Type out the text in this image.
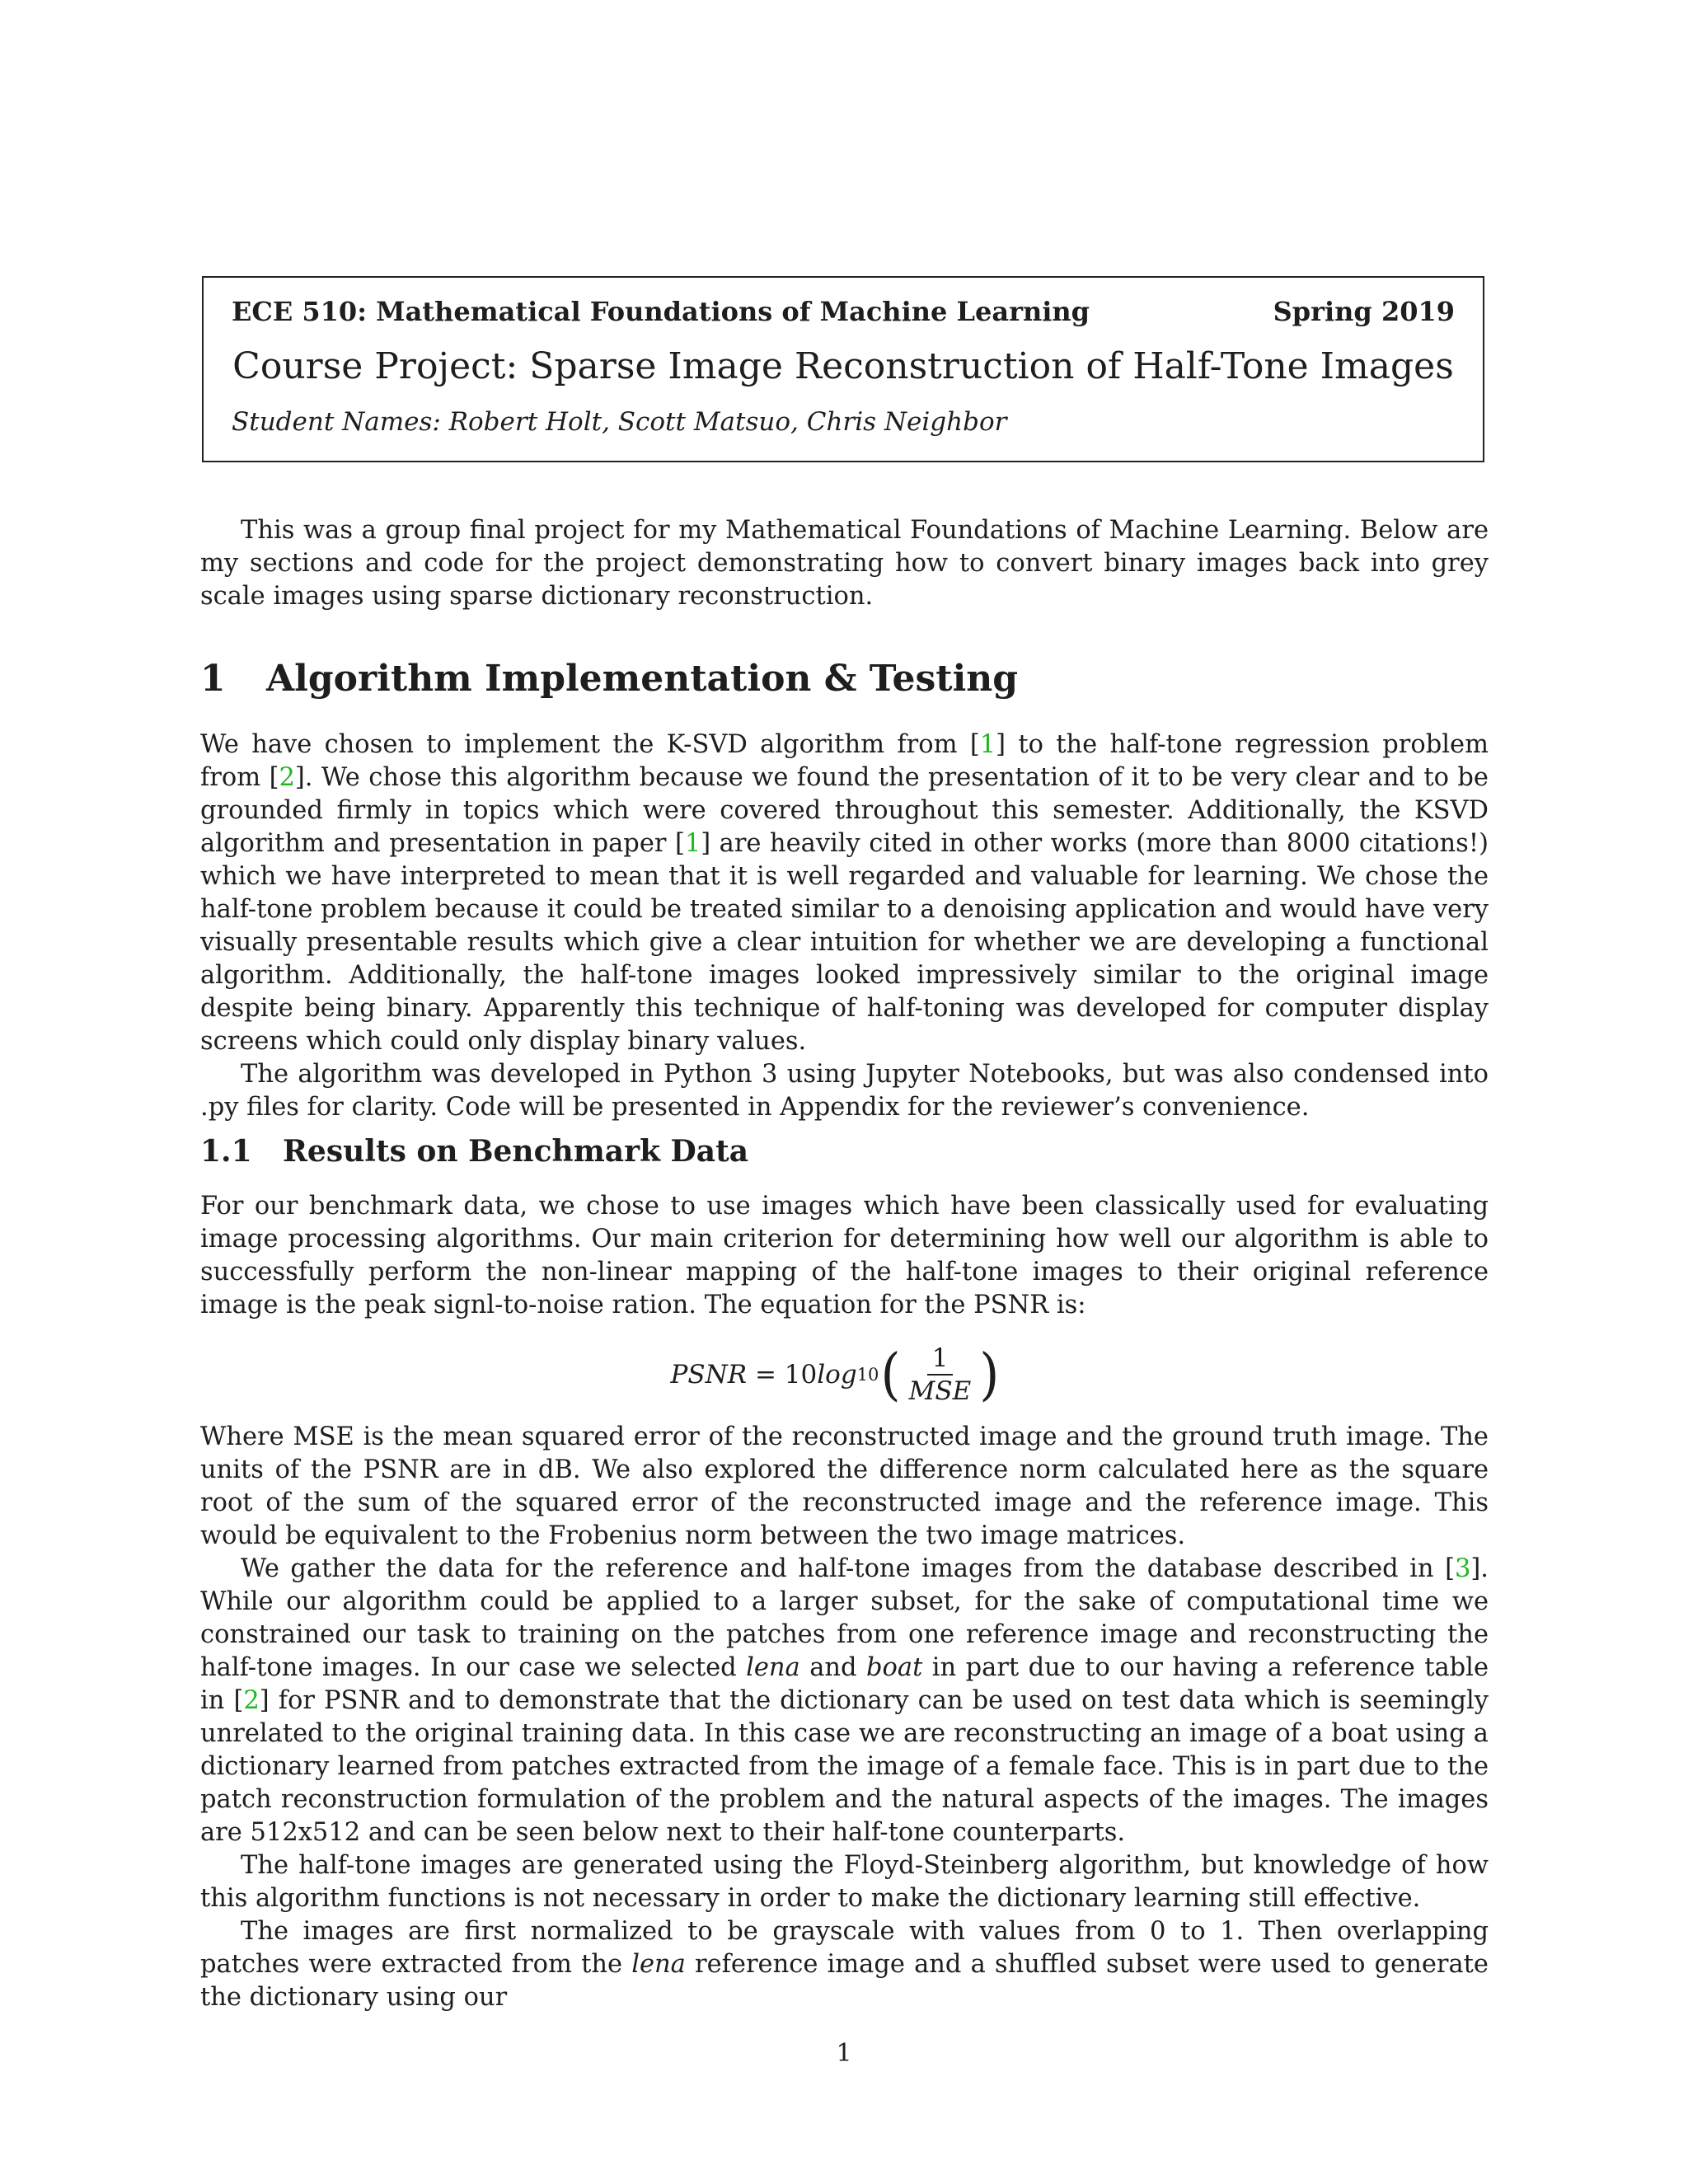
ECE 510: Mathematical Foundations of Machine Learning	Spring 2019
Course Project: Sparse Image Reconstruction of Half-Tone Images
Student Names: Robert Holt, Scott Matsuo, Chris Neighbor

This was a group final project for my Mathematical Foundations of Machine Learning. Below are my sections and code for the project demonstrating how to convert binary images back into grey scale images using sparse dictionary reconstruction.

1 Algorithm Implementation & Testing

We have chosen to implement the K-SVD algorithm from [1] to the half-tone regression problem from [2]. We chose this algorithm because we found the presentation of it to be very clear and to be grounded firmly in topics which were covered throughout this semester. Additionally, the KSVD algorithm and presentation in paper [1] are heavily cited in other works (more than 8000 citations!) which we have interpreted to mean that it is well regarded and valuable for learning. We chose the half-tone problem because it could be treated similar to a denoising application and would have very visually presentable results which give a clear intuition for whether we are developing a functional algorithm. Additionally, the half-tone images looked impressively similar to the original image despite being binary. Apparently this technique of half-toning was developed for computer display screens which could only display binary values.

The algorithm was developed in Python 3 using Jupyter Notebooks, but was also condensed into .py files for clarity. Code will be presented in Appendix for the reviewer’s convenience.

1.1 Results on Benchmark Data

For our benchmark data, we chose to use images which have been classically used for evaluating image processing algorithms. Our main criterion for determining how well our algorithm is able to successfully perform the non-linear mapping of the half-tone images to their original reference image is the peak signl-to-noise ration. The equation for the PSNR is:

PSNR = 10 log 10 ( $\frac{1}{\text{MSE}}$ )

Where MSE is the mean squared error of the reconstructed image and the ground truth image. The units of the PSNR are in dB. We also explored the difference norm calculated here as the square root of the sum of the squared error of the reconstructed image and the reference image. This would be equivalent to the Frobenius norm between the two image matrices.

We gather the data for the reference and half-tone images from the database described in [3]. While our algorithm could be applied to a larger subset, for the sake of computational time we constrained our task to training on the patches from one reference image and reconstructing the half-tone images. In our case we selected lena and boat in part due to our having a reference table in [2] for PSNR and to demonstrate that the dictionary can be used on test data which is seemingly unrelated to the original training data. In this case we are reconstructing an image of a boat using a dictionary learned from patches extracted from the image of a female face. This is in part due to the patch reconstruction formulation of the problem and the natural aspects of the images. The images are 512x512 and can be seen below next to their half-tone counterparts.

The half-tone images are generated using the Floyd-Steinberg algorithm, but knowledge of how this algorithm functions is not necessary in order to make the dictionary learning still effective.

The images are first normalized to be grayscale with values from 0 to 1. Then overlapping patches were extracted from the lena reference image and a shuffled subset were used to generate the dictionary using our

1
